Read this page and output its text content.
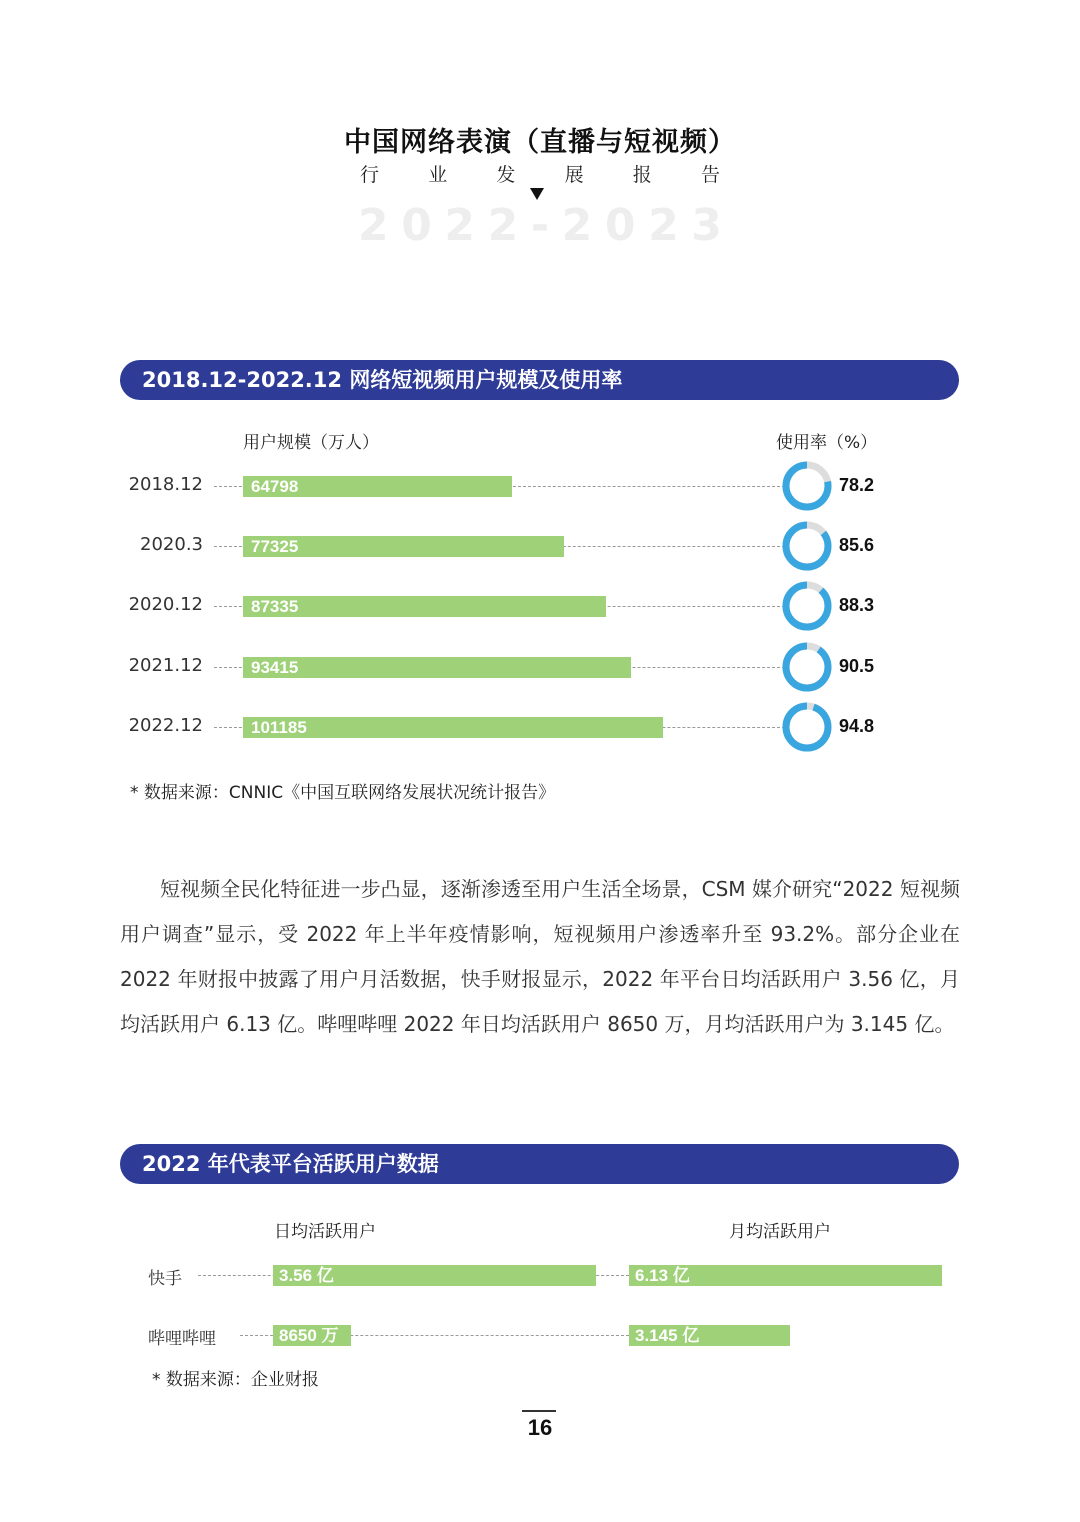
中国网络表演（直播与短视频）
行	业	发	展	报	告
2 0 2 2 - 2 0 2 3
2018.12-2022.12 网络短视频用户规模及使用率
用户规模（万人）	使用率（%）
2018.12	64798	78.2
2020.3	77325	85.6
2020.12	87335	88.3
2021.12	93415	90.5
2022.12	101185	94.8
* 数据来源：CNNIC《中国互联网络发展状况统计报告》

短视频全民化特征进一步凸显，逐渐渗透至用户生活全场景，CSM 媒介研究“2022 短视频用户调查”显示，受 2022 年上半年疫情影响，短视频用户渗透率升至 93.2%。部分企业在 2022 年财报中披露了用户月活数据，快手财报显示，2022 年平台日均活跃用户 3.56 亿，月均活跃用户 6.13 亿。哔哩哔哩 2022 年日均活跃用户 8650 万，月均活跃用户为 3.145 亿。

2022 年代表平台活跃用户数据
日均活跃用户	月均活跃用户
快手	3.56 亿	6.13 亿
哔哩哔哩	8650 万	3.145 亿
* 数据来源：企业财报
16
